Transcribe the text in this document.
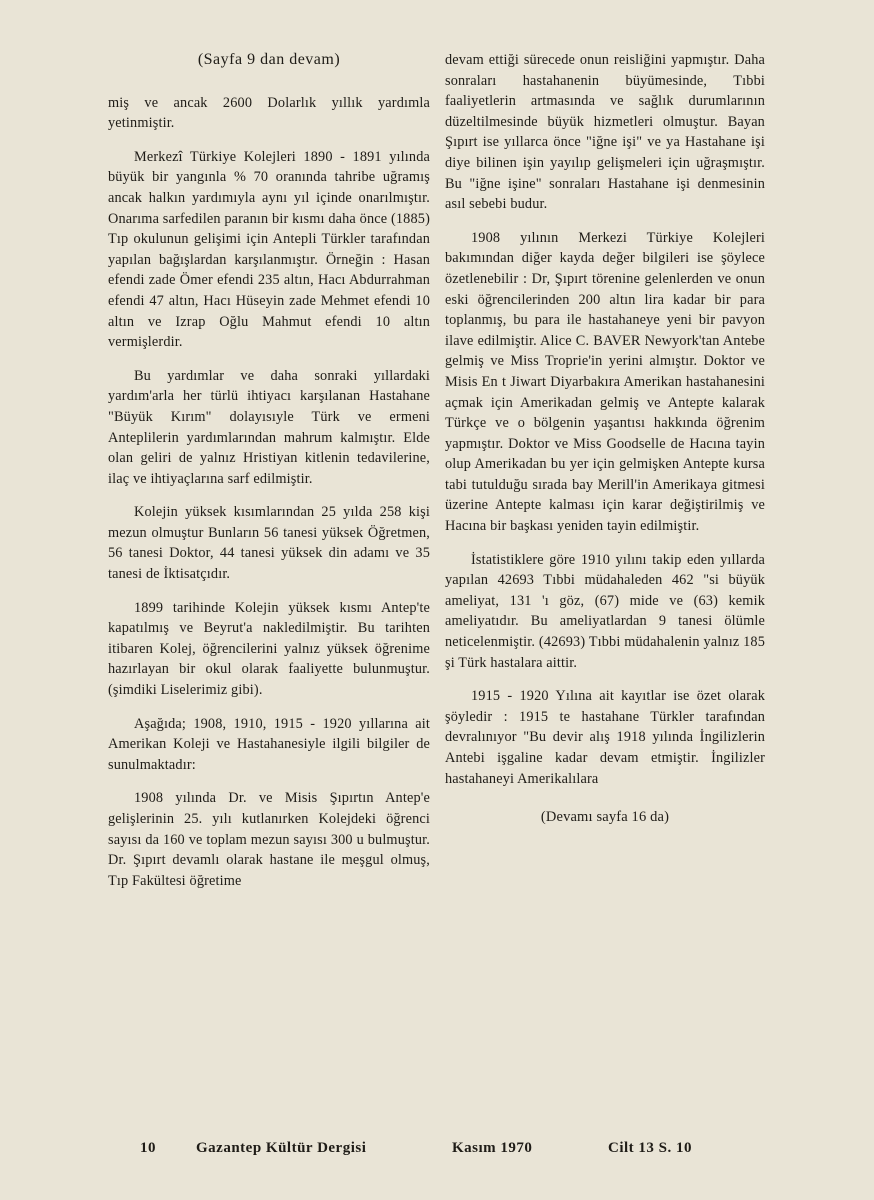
(Sayfa 9 dan devam)

miş ve ancak 2600 Dolarlık yıllık yardımla yetinmiştir.

Merkezî Türkiye Kolejleri 1890 - 1891 yılında büyük bir yangınla % 70 oranında tahribe uğramış ancak halkın yardımıyla aynı yıl içinde onarılmıştır. Onarıma sarfedilen paranın bir kısmı daha önce (1885) Tıp okulunun gelişimi için Antepli Türkler tarafından yapılan bağışlardan karşılanmıştır. Örneğin : Hasan efendi zade Ömer efendi 235 altın, Hacı Abdurrahman efendi 47 altın, Hacı Hüseyin zade Mehmet efendi 10 altın ve Izrap Oğlu Mahmut efendi 10 altın vermişlerdir.

Bu yardımlar ve daha sonraki yıllardaki yardım'arla her türlü ihtiyacı karşılanan Hastahane "Büyük Kırım" dolayısıyle Türk ve ermeni Anteplilerin yardımlarından mahrum kalmıştır. Elde olan geliri de yalnız Hristiyan kitlenin tedavilerine, ilaç ve ihtiyaçlarına sarf edilmiştir.

Kolejin yüksek kısımlarından 25 yılda 258 kişi mezun olmuştur Bunların 56 tanesi yüksek Öğretmen, 56 tanesi Doktor, 44 tanesi yüksek din adamı ve 35 tanesi de İktisatçıdır.

1899 tarihinde Kolejin yüksek kısmı Antep'te kapatılmış ve Beyrut'a nakledilmiştir. Bu tarihten itibaren Kolej, öğrencilerini yalnız yüksek öğrenime hazırlayan bir okul olarak faaliyette bulunmuştur. (şimdiki Liselerimiz gibi).

Aşağıda; 1908, 1910, 1915 - 1920 yıllarına ait Amerikan Koleji ve Hastahanesiyle ilgili bilgiler de sunulmaktadır:

1908 yılında Dr. ve Misis Şıpırtın Antep'e gelişlerinin 25. yılı kutlanırken Kolejdeki öğrenci sayısı da 160 ve toplam mezun sayısı 300 u bulmuştur. Dr. Şıpırt devamlı olarak hastane ile meşgul olmuş, Tıp Fakültesi öğretime

devam ettiği sürecede onun reisliğini yapmıştır. Daha sonraları hastahanenin büyümesinde, Tıbbi faaliyetlerin artmasında ve sağlık durumlarının düzeltilmesinde büyük hizmetleri olmuştur. Bayan Şıpırt ise yıllarca önce "iğne işi" ve ya Hastahane işi diye bilinen işin yayılıp gelişmeleri için uğraşmıştır. Bu "iğne işine" sonraları Hastahane işi denmesinin asıl sebebi budur.

1908 yılının Merkezi Türkiye Kolejleri bakımından diğer kayda değer bilgileri ise şöylece özetlenebilir : Dr, Şıpırt törenine gelenlerden ve onun eski öğrencilerinden 200 altın lira kadar bir para toplanmış, bu para ile hastahaneye yeni bir pavyon ilave edilmiştir. Alice C. BAVER Newyork'tan Antebe gelmiş ve Miss Troprie'in yerini almıştır. Doktor ve Misis En t Jiwart Diyarbakıra Amerikan hastahanesini açmak için Amerikadan gelmiş ve Anteptе kalarak Türkçe ve o bölgenin yaşantısı hakkında öğrenim yapmıştır. Doktor ve Miss Goodselle de Hacına tayin olup Amerikadan bu yer için gelmişken Antepte kursa tabi tutulduğu sırada bay Merill'in Amerikaya gitmesi üzerine Antepte kalması için karar değiştirilmiş ve Hacına bir başkası yeniden tayin edilmiştir.

İstatistiklere göre 1910 yılını takip eden yıllarda yapılan 42693 Tıbbi müdahaleden 462 "si büyük ameliyat, 131 'ı göz, (67) mide ve (63) kemik ameliyatıdır. Bu ameliyatlardan 9 tanesi ölümle neticelenmiştir. (42693) Tıbbi müdahalenin yalnız 185 şi Türk hastalara aittir.

1915 - 1920 Yılına ait kayıtlar ise özet olarak şöyledir : 1915 te hastahane Türkler tarafından devralınıyor "Bu devir alış 1918 yılında İngilizlerin Antebi işgaline kadar devam etmiştir. İngilizler hastahaneyi Amerikalılara

(Devamı sayfa 16 da)
10	Gazantep Kültür Dergisi	Kasım 1970	Cilt 13 S. 10
